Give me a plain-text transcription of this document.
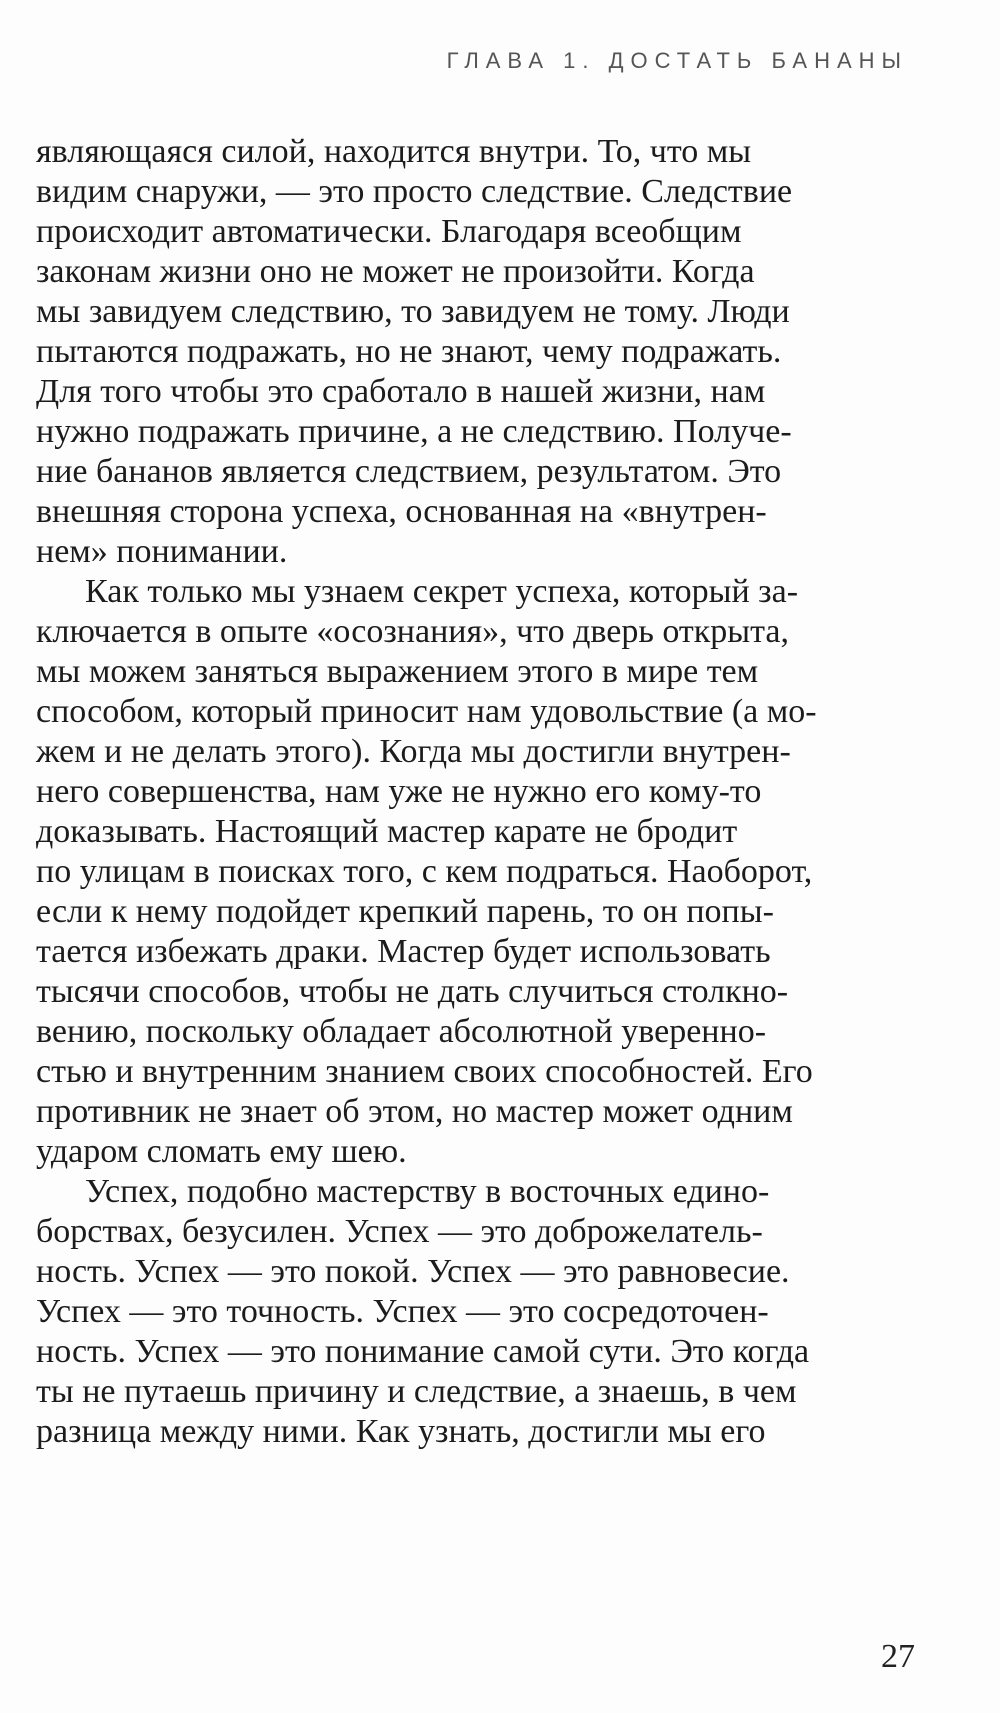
ГЛАВА 1. ДОСТАТЬ БАНАНЫ
являющаяся силой, находится внутри. То, что мы
видим снаружи, — это просто следствие. Следствие
происходит автоматически. Благодаря всеобщим
законам жизни оно не может не произойти. Когда
мы завидуем следствию, то завидуем не тому. Люди
пытаются подражать, но не знают, чему подражать.
Для того чтобы это сработало в нашей жизни, нам
нужно подражать причине, а не следствию. Получе-
ние бананов является следствием, результатом. Это
внешняя сторона успеха, основанная на «внутрен-
нем» понимании.
Как только мы узнаем секрет успеха, который за-
ключается в опыте «осознания», что дверь открыта,
мы можем заняться выражением этого в мире тем
способом, который приносит нам удовольствие (а мо-
жем и не делать этого). Когда мы достигли внутрен-
него совершенства, нам уже не нужно его кому-то
доказывать. Настоящий мастер карате не бродит
по улицам в поисках того, с кем подраться. Наоборот,
если к нему подойдет крепкий парень, то он попы-
тается избежать драки. Мастер будет использовать
тысячи способов, чтобы не дать случиться столкно-
вению, поскольку обладает абсолютной увереннo-
стью и внутренним знанием своих способностей. Его
противник не знает об этом, но мастер может одним
ударом сломать ему шею.
Успех, подобно мастерству в восточных едино-
борствах, безусилен. Успех — это доброжелатель-
ность. Успех — это покой. Успех — это равновесие.
Успех — это точность. Успех — это сосредоточен-
ность. Успех — это понимание самой сути. Это когда
ты не путаешь причину и следствие, а знаешь, в чем
разница между ними. Как узнать, достигли мы его
27
